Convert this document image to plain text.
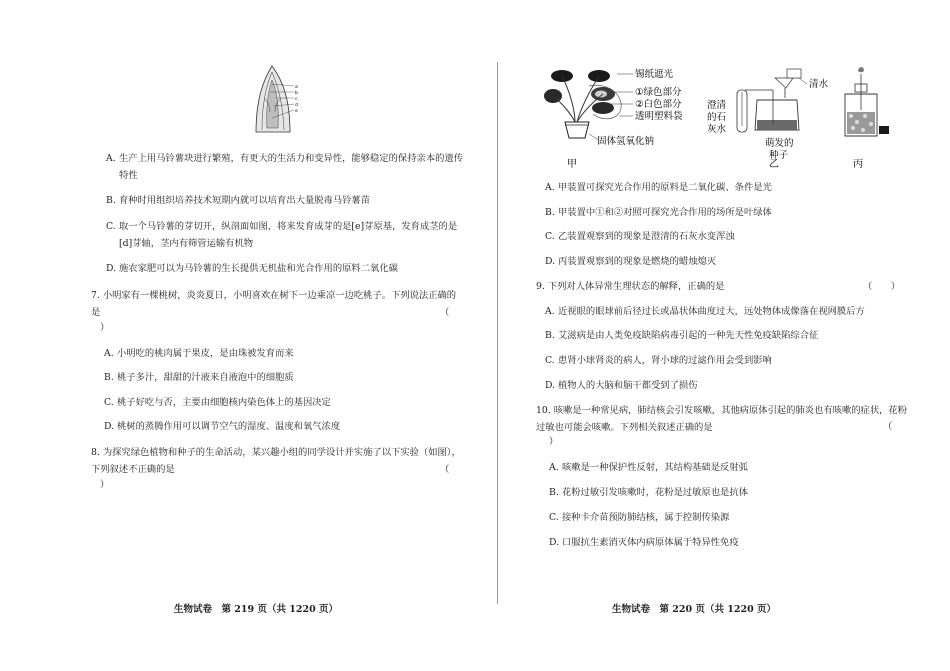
a
b
c
d
e
A. 生产上用马铃薯块进行繁殖，有更大的生活力和变异性，能够稳定的保持亲本的遗传特性
B. 育种时用组织培养技术短期内就可以培育出大量脱毒马铃薯苗
C. 取一个马铃薯的芽切开，纵剖面如图，将来发育成芽的是[e]芽原基，发育成茎的是[d]芽轴，茎内有筛管运输有机物
D. 施农家肥可以为马铃薯的生长提供无机盐和光合作用的原料二氧化碳
7. 小明家有一棵桃树，炎炎夏日，小明喜欢在树下一边乘凉一边吃桃子。下列说法正确的是	（
）
A. 小明吃的桃肉属于果皮，是由珠被发育而来
B. 桃子多汁，甜甜的汁液来自液泡中的细胞质
C. 桃子好吃与否，主要由细胞核内染色体上的基因决定
D. 桃树的蒸腾作用可以调节空气的湿度、温度和氧气浓度
8. 为探究绿色植物和种子的生命活动，某兴趣小组的同学设计并实施了以下实验（如图），下列叙述不正确的是	（
）
生物试卷　第 219 页（共 1220 页）
锡纸遮光
①绿色部分
②白色部分
透明塑料袋
固体氢氧化钠
清水
澄清
的石
灰水
萌发的
种子
甲	乙	丙
A. 甲装置可探究光合作用的原料是二氧化碳、条件是光
B. 甲装置中①和②对照可探究光合作用的场所是叶绿体
C. 乙装置观察到的现象是澄清的石灰水变浑浊
D. 丙装置观察到的现象是燃烧的蜡烛熄灭
9. 下列对人体异常生理状态的解释，正确的是	（　　）
A. 近视眼的眼球前后径过长或晶状体曲度过大，远处物体成像落在视网膜后方
B. 艾滋病是由人类免疫缺陷病毒引起的一种先天性免疫缺陷综合征
C. 患肾小球肾炎的病人，肾小球的过滤作用会受到影响
D. 植物人的大脑和脑干都受到了损伤
10. 咳嗽是一种常见病，肺结核会引发咳嗽，其他病原体引起的肺炎也有咳嗽的症状，花粉过敏也可能会咳嗽。下列相关叙述正确的是	（
）
A. 咳嗽是一种保护性反射，其结构基础是反射弧
B. 花粉过敏引发咳嗽时，花粉是过敏原也是抗体
C. 接种卡介苗预防肺结核，属于控制传染源
D. 口服抗生素消灭体内病原体属于特异性免疫
生物试卷　第 220 页（共 1220 页）
